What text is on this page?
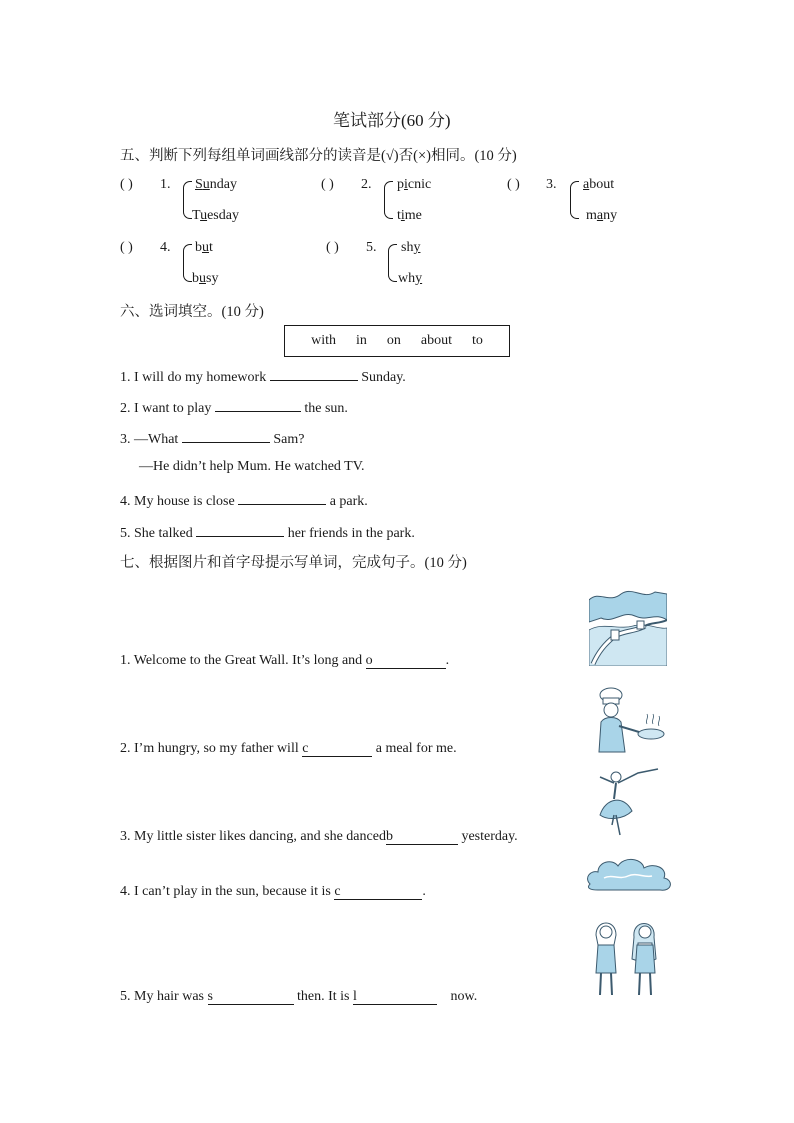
笔试部分(60 分)
五、判断下列每组单词画线部分的读音是(√)否(×)相同。(10 分)
( ) 1. Sunday
Tuesday
( ) 2. picnic
time
( ) 3. about
many
( ) 4. but
busy
( ) 5. shy
why
六、选词填空。(10 分)
with in on about to
1. I will do my homework	Sunday.
2. I want to play	the sun.
3. —What	Sam?
—He didn’t help Mum. He watched TV.
4. My house is close	a park.
5. She talked	her friends in the park.
七、根据图片和首字母提示写单词，完成句子。(10 分)
1. Welcome to the Great Wall. It’s long and o	.
2. I’m hungry, so my father will c	a meal for me.
3. My little sister likes dancing, and she dancedb	yesterday.
4. I can’t play in the sun, because it is c	.
5. My hair was s	then. It is l	now.
